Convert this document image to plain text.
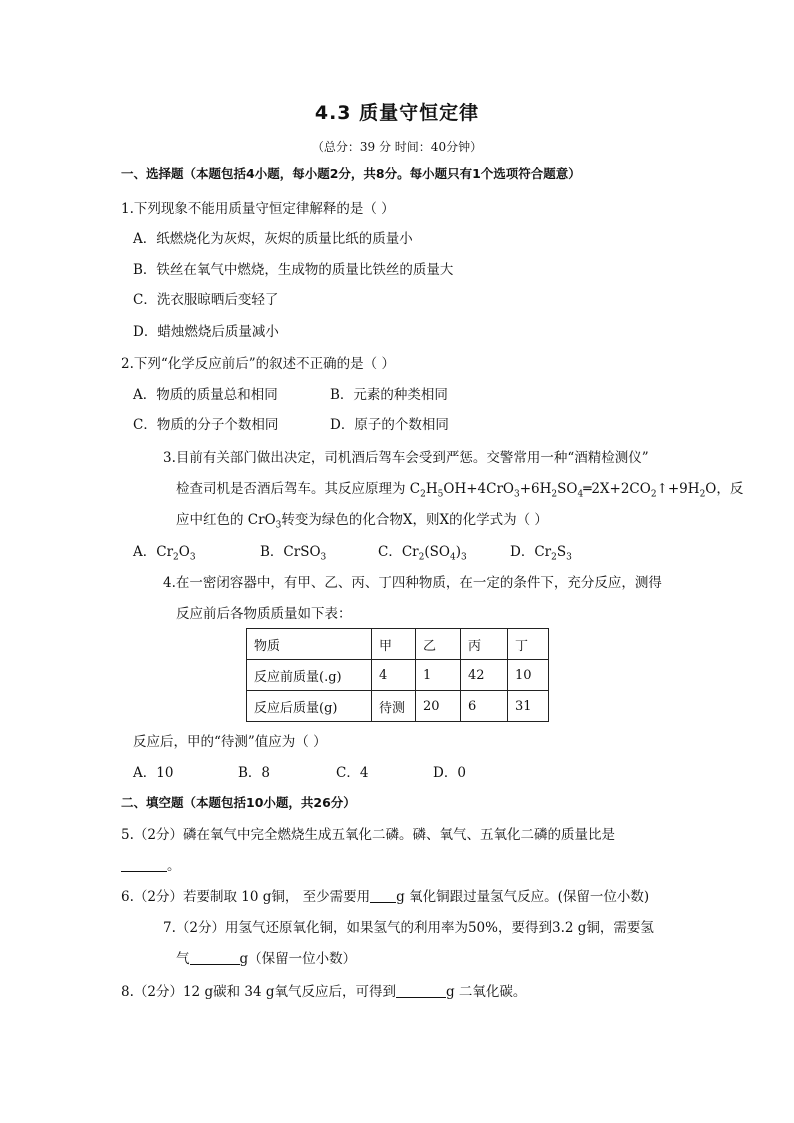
4.3 质量守恒定律
（总分：39 分 时间：40分钟）
一、选择题（本题包括4小题，每小题2分，共8分。每小题只有1个选项符合题意）
1.下列现象不能用质量守恒定律解释的是（ ）
A．纸燃烧化为灰烬，灰烬的质量比纸的质量小
B．铁丝在氧气中燃烧，生成物的质量比铁丝的质量大
C．洗衣服晾晒后变轻了
D．蜡烛燃烧后质量减小
2.下列“化学反应前后”的叙述不正确的是（ ）
A．物质的质量总和相同	B．元素的种类相同
C．物质的分子个数相同	D．原子的个数相同
3.目前有关部门做出决定，司机酒后驾车会受到严惩。交警常用一种“酒精检测仪”
检查司机是否酒后驾车。其反应原理为 $C_2H_5OH+4CrO_3+6H_2SO_4═2X+2CO_2↑+9H_2O$，反
应中红色的 CrO$_3$转变为绿色的化合物X，则X的化学式为（ ）
A．$Cr_2O_3$	B．CrSO$_3$	C．$Cr_2(SO_4)_3$	D．$Cr_2S_3$
4.在一密闭容器中，有甲、乙、丙、丁四种物质，在一定的条件下，充分反应，测得
反应前后各物质质量如下表：
物质	甲	乙	丙	丁
反应前质量(.g)	4	1	42	10
反应后质量(g)	待测	20	6	31
反应后，甲的“待测”值应为（ ）
A．10	B．8	C．4	D．0
二、填空题（本题包括10小题，共26分）
5.（2分）磷在氧气中完全燃烧生成五氧化二磷。磷、氧气、五氧化二磷的质量比是
。
6.（2分）若要制取 10 g铜， 至少需要用 g 氧化铜跟过量氢气反应。(保留一位小数)
7.（2分）用氢气还原氧化铜，如果氢气的利用率为50%，要得到3.2 g铜，需要氢
气	g（保留一位小数）
8.（2分）12 g碳和 34 g氧气反应后，可得到	g 二氧化碳。
